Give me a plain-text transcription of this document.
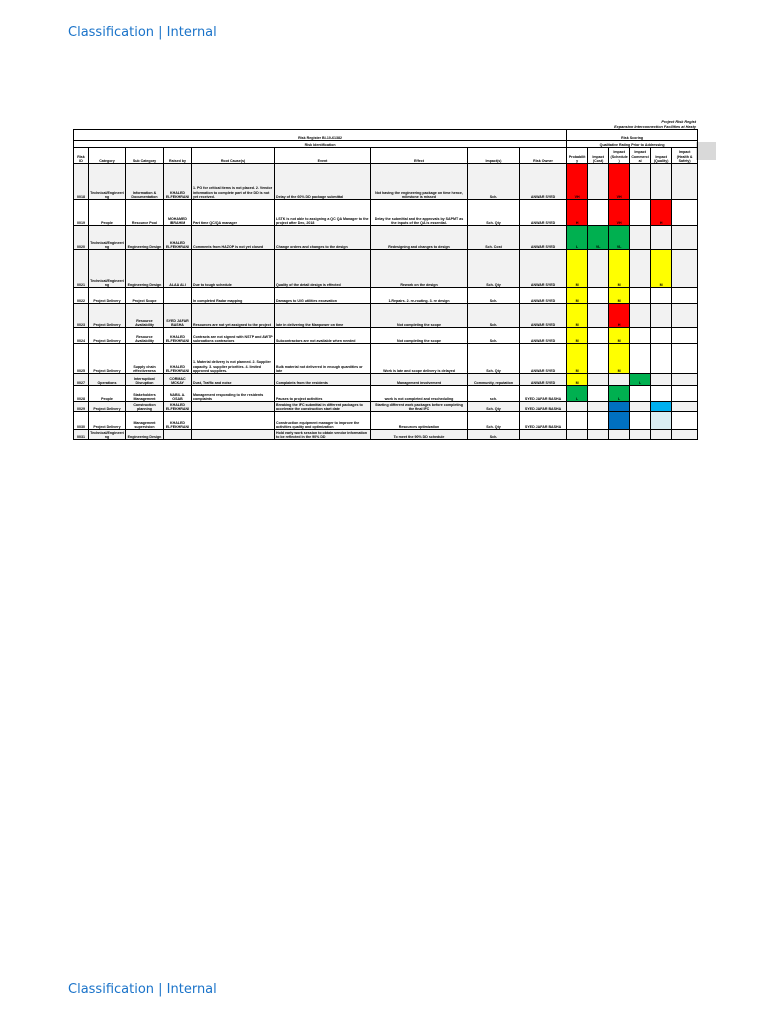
Classification | Internal
Project Risk Regist
Expansion Interconnection Facilities at Hasty
Risk Register BI-10-61382									Risk Scoring					
Risk Identification									Qualitative Rating Prior to Addressing					
Risk ID	Category	Sub Category	Raised by	Root Cause(s)	Event	Effect	Impact(s)	Risk Owner	Probability	Impact (Cost)	Impact (Schedule)	Impact Commercial	Impact (Quality)	Impact (Health & Safety)
0018	Technical/Engineering	Information & Documentation	KHALED ELFEKHRANI	1. PO for critical items is not placed. 2. Vendor information to complete part of the DD is not yet received.	Delay of the 60% DD package submittal	Not having the engineering package on time hence, milestone is missed	Sch.	ANWAR SYED	VH		VH			
0019	People	Resource Pool	MOHAMED IBRAHIM	Part time QC/QA manager	LSTK is not able to assigning a QC QA Manager to the project after Dec, 2018	Delay the submittal and the approvals by SAPMT as the inputs of the QA is essential.	Sch. Qty	ANWAR SYED	H		VH		H	
0020	Technical/Engineering	Engineering Design	KHALED ELFEKHRANI	Comments from HAZOP is not yet closed	Change orders and changes to the design	Redesigning and changes to design	Sch. Cost	ANWAR SYED	L	VL	VL			
0021	Technical/Engineering	Engineering Design	ALAA ALI	Due to tough schedule	Quality of the detail design is effected	Rework on the design	Sch. Qty	ANWAR SYED	M		M		M	
0022	Project Delivery	Project Scope		In completed Radar mapping	Damages to U/G utilities excavation	1.Repairs. 2. re-routing. 3. re design	Sch.	ANWAR SYED	M		M			
0023	Project Delivery	Resource Availability	SYED JAFAR BASHA	Resources are not yet assigned to the project	late in delivering the Manpower on time	Not completing the scope	Sch.	ANWAR SYED	M		H			
0024	Project Delivery	Resource Availability	KHALED ELFEKHRANI	Contracts are not signed with NSTP and AWTP subroations contractors	Subcontractors are not available when needed	Not completing the scope	Sch.	ANWAR SYED	M		M			
0025	Project Delivery	Supply chain effectiveness	KHALED ELFEKHRANI	1. Material delivery is not planned. 2. Supplier capacity. 3. supplier priorities. 4. limited approved suppliers.	Bulk material not delivered in enough quantities or late	Work is late and scope delivery is delayed	Sch. Qty	ANWAR SYED	M		M			
0027	Operations	Interruption/ Disruption	CORMAC MCKAY	Dust, Traffic and noise	Complaints from the residents	Management involvement	Community, reputation	ANWAR SYED	M			L		
0028	People	Stakeholders Management	NABIL A. OSAB	Management responding to the residents complaints	Pauses to project activities	work is not completed and rescheduling	sch.	SYED JAFAR BASHA	L		L			
0029	Project Delivery	Construction planning	KHALED ELFEKHRANI		Breaking the IFC submittal in different packages to accelerate the construction start date	Starting different work packages before completing the final IFC	Sch. Qty	SYED JAFAR BASHA						
0030	Project Delivery	Management supervision	KHALED ELFEKHRANI		Construction equipment manager to improve the activities quality and optimization	Resources optimization	Sch. Qty	SYED JAFAR BASHA						
0031	Technical/Engineering	Engineering Design			Hold early work session to obtain vendor information to be reflected in the 90% DD	To meet the 90% DD schedule	Sch.							
Classification | Internal
